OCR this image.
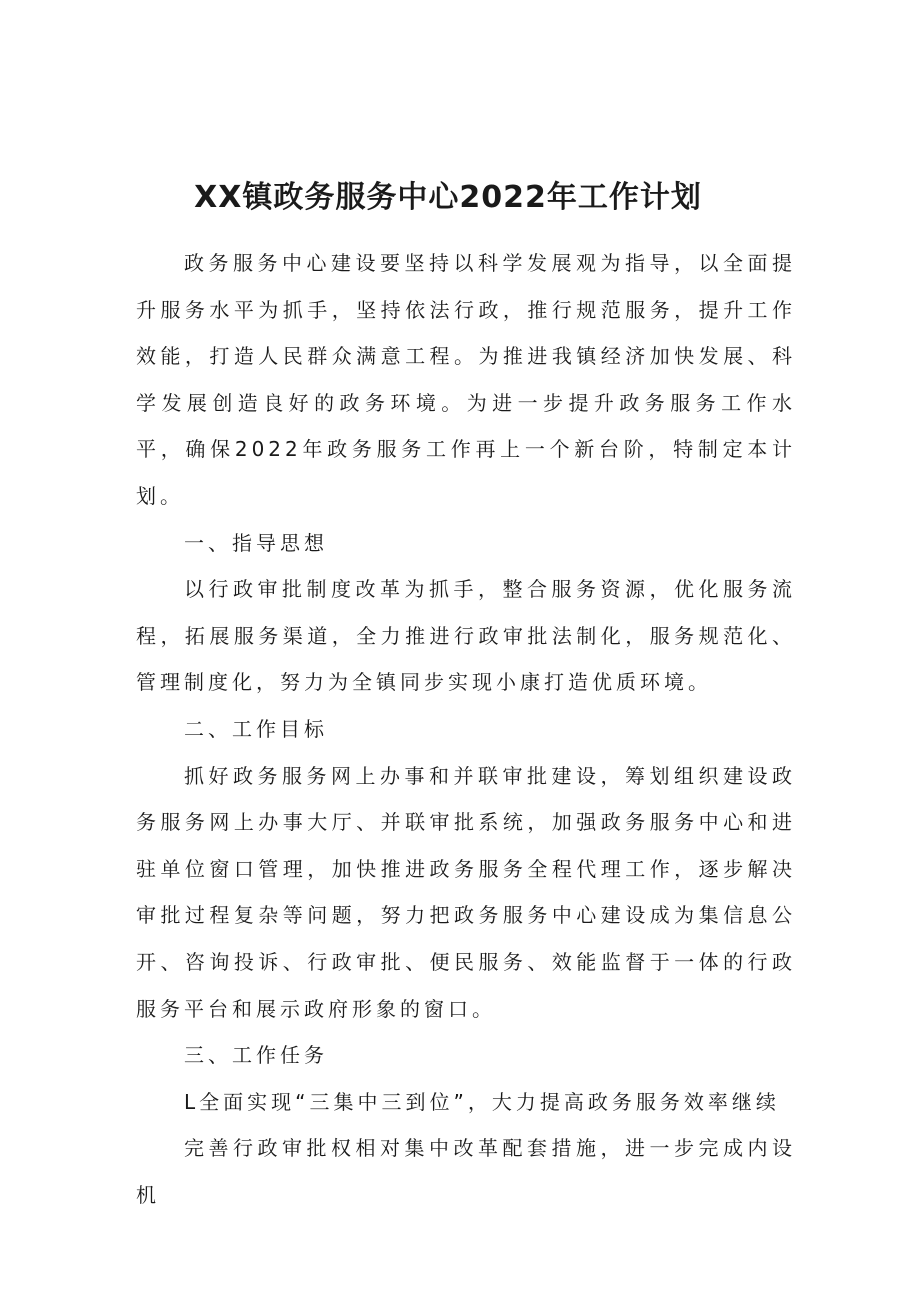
XX镇政务服务中心2022年工作计划

政务服务中心建设要坚持以科学发展观为指导，以全面提升服务水平为抓手，坚持依法行政，推行规范服务，提升工作效能，打造人民群众满意工程。为推进我镇经济加快发展、科学发展创造良好的政务环境。为进一步提升政务服务工作水平，确保2022年政务服务工作再上一个新台阶，特制定本计划。

一、指导思想

以行政审批制度改革为抓手，整合服务资源，优化服务流程，拓展服务渠道，全力推进行政审批法制化，服务规范化、管理制度化，努力为全镇同步实现小康打造优质环境。

二、工作目标

抓好政务服务网上办事和并联审批建设，筹划组织建设政务服务网上办事大厅、并联审批系统，加强政务服务中心和进驻单位窗口管理，加快推进政务服务全程代理工作，逐步解决审批过程复杂等问题，努力把政务服务中心建设成为集信息公开、咨询投诉、行政审批、便民服务、效能监督于一体的行政服务平台和展示政府形象的窗口。

三、工作任务

L全面实现“三集中三到位”，大力提高政务服务效率继续

完善行政审批权相对集中改革配套措施，进一步完成内设机
